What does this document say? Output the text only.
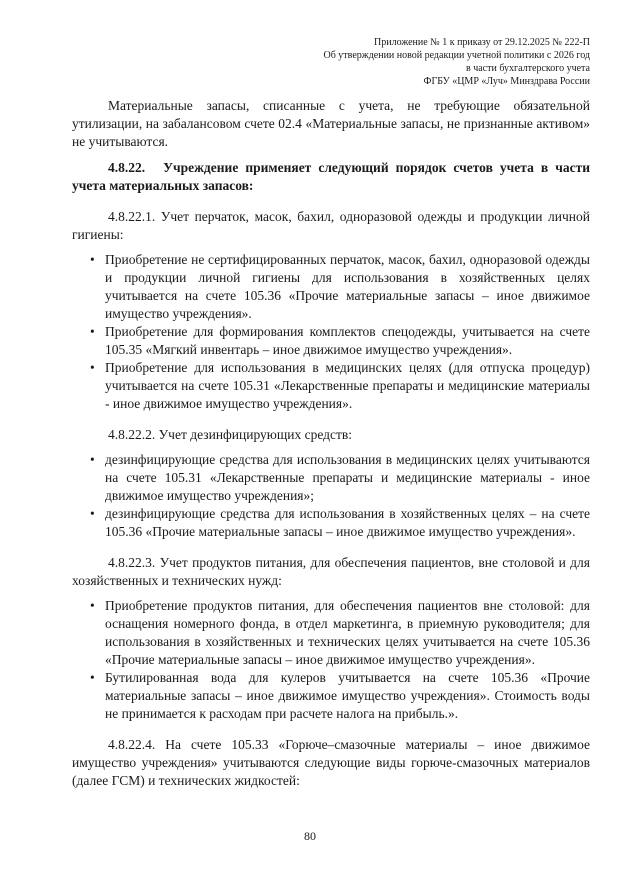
Приложение № 1 к приказу от 29.12.2025 № 222-П
Об утверждении новой редакции учетной политики с 2026 год
в части бухгалтерского учета
ФГБУ «ЦМР «Луч» Минздрава России

Материальные запасы, списанные с учета, не требующие обязательной утилизации, на забалансовом счете 02.4 «Материальные запасы, не признанные активом» не учитываются.

4.8.22. Учреждение применяет следующий порядок счетов учета в части учета материальных запасов:

4.8.22.1. Учет перчаток, масок, бахил, одноразовой одежды и продукции личной гигиены:

• Приобретение не сертифицированных перчаток, масок, бахил, одноразовой одежды и продукции личной гигиены для использования в хозяйственных целях учитывается на счете 105.36 «Прочие материальные запасы – иное движимое имущество учреждения».
• Приобретение для формирования комплектов спецодежды, учитывается на счете 105.35 «Мягкий инвентарь – иное движимое имущество учреждения».
• Приобретение для использования в медицинских целях (для отпуска процедур) учитывается на счете 105.31 «Лекарственные препараты и медицинские материалы - иное движимое имущество учреждения».

4.8.22.2. Учет дезинфицирующих средств:

• дезинфицирующие средства для использования в медицинских целях учитываются на счете 105.31 «Лекарственные препараты и медицинские материалы - иное движимое имущество учреждения»;
• дезинфицирующие средства для использования в хозяйственных целях – на счете 105.36 «Прочие материальные запасы – иное движимое имущество учреждения».

4.8.22.3. Учет продуктов питания, для обеспечения пациентов, вне столовой и для хозяйственных и технических нужд:

• Приобретение продуктов питания, для обеспечения пациентов вне столовой: для оснащения номерного фонда, в отдел маркетинга, в приемную руководителя; для использования в хозяйственных и технических целях учитывается на счете 105.36 «Прочие материальные запасы – иное движимое имущество учреждения».
• Бутилированная вода для кулеров учитывается на счете 105.36 «Прочие материальные запасы – иное движимое имущество учреждения». Стоимость воды не принимается к расходам при расчете налога на прибыль.».

4.8.22.4. На счете 105.33 «Горюче–смазочные материалы – иное движимое имущество учреждения» учитываются следующие виды горюче-смазочных материалов (далее ГСМ) и технических жидкостей:

80
